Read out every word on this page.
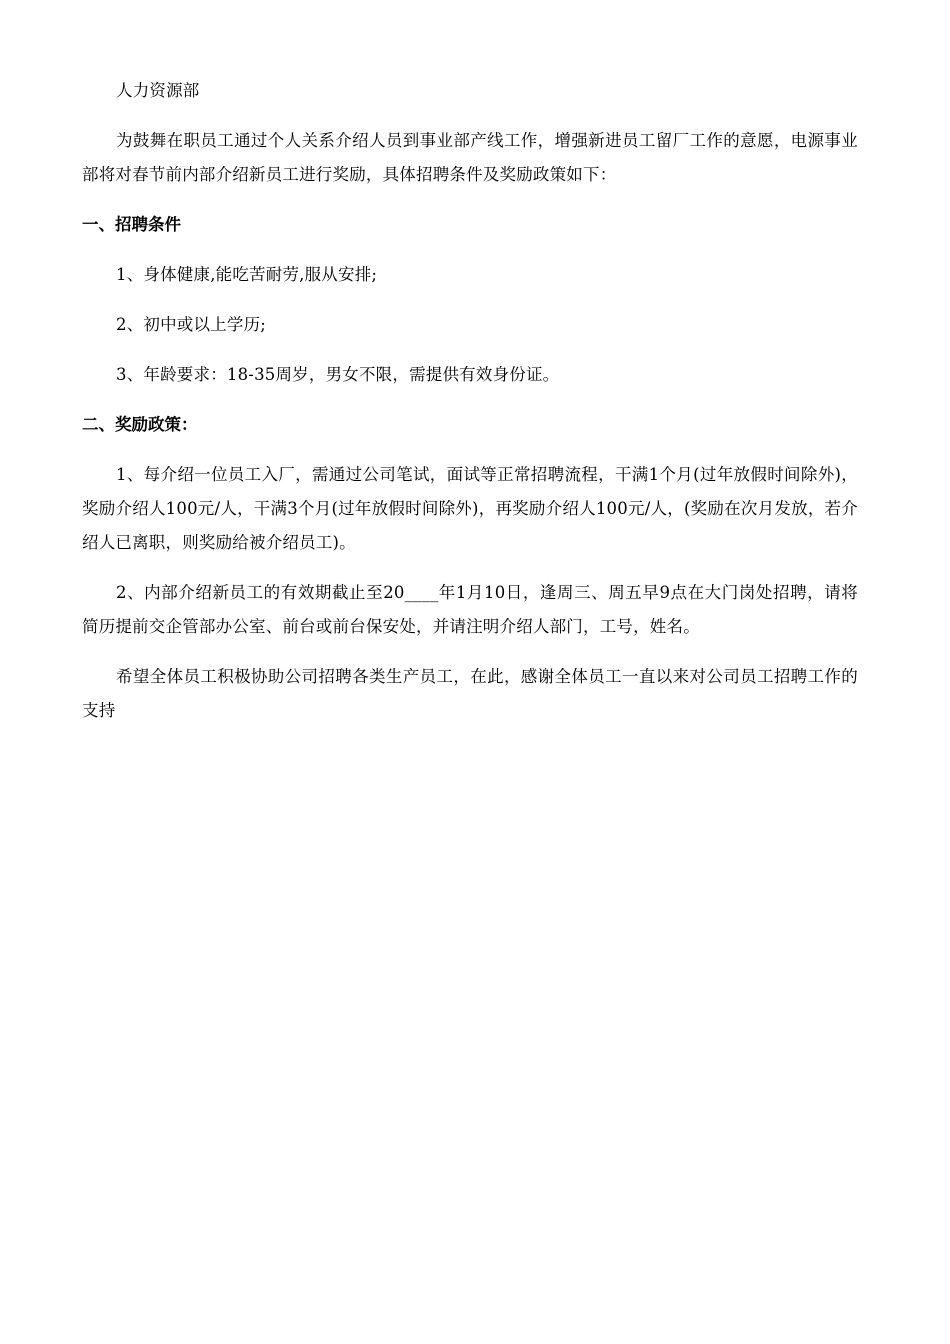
人力资源部

为鼓舞在职员工通过个人关系介绍人员到事业部产线工作，增强新进员工留厂工作的意愿，电源事业部将对春节前内部介绍新员工进行奖励，具体招聘条件及奖励政策如下：

一、招聘条件

1、身体健康,能吃苦耐劳,服从安排;

2、初中或以上学历;

3、年龄要求：18-35周岁，男女不限，需提供有效身份证。

二、奖励政策：

1、每介绍一位员工入厂，需通过公司笔试，面试等正常招聘流程，干满1个月(过年放假时间除外)，奖励介绍人100元/人，干满3个月(过年放假时间除外)，再奖励介绍人100元/人，(奖励在次月发放，若介绍人已离职，则奖励给被介绍员工)。

2、内部介绍新员工的有效期截止至20____年1月10日，逢周三、周五早9点在大门岗处招聘，请将简历提前交企管部办公室、前台或前台保安处，并请注明介绍人部门，工号，姓名。

希望全体员工积极协助公司招聘各类生产员工，在此，感谢全体员工一直以来对公司员工招聘工作的支持
